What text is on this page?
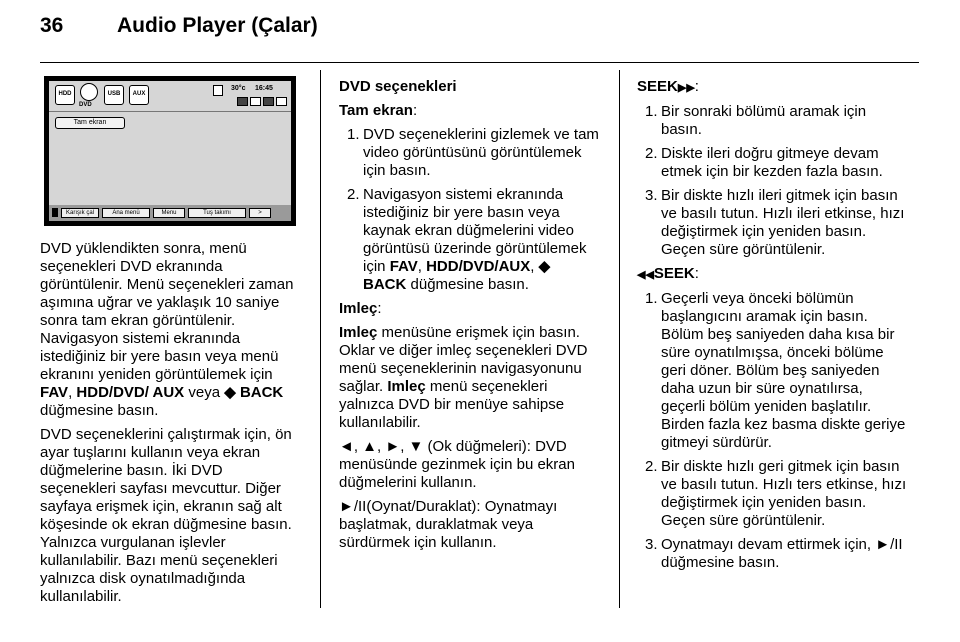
36	Audio Player (Çalar)
HDD
DVD
USB	AUX
30°c 16:45
Tam ekran
Karışık çal	Ana menü	Menu	Tuş takımı	>

DVD yüklendikten sonra, menü seçenekleri DVD ekranında görüntülenir. Menü seçenekleri zaman aşımına uğrar ve yaklaşık 10 saniye sonra tam ekran görüntülenir. Navigasyon sistemi ekranında istediğiniz bir yere basın veya menü ekranını yeniden görüntülemek için FAV, HDD/DVD/ AUX veya ◆ BACK düğmesine basın.

DVD seçeneklerini çalıştırmak için, ön ayar tuşlarını kullanın veya ekran düğmelerine basın. İki DVD seçenekleri sayfası mevcuttur. Diğer sayfaya erişmek için, ekranın sağ alt köşesinde ok ekran düğmesine basın. Yalnızca vurgulanan işlevler kullanılabilir. Bazı menü seçenekleri yalnızca disk oynatılmadığında kullanılabilir.

DVD seçenekleri

Tam ekran:

1. DVD seçeneklerini gizlemek ve tam video görüntüsünü görüntülemek için basın.
2. Navigasyon sistemi ekranında istediğiniz bir yere basın veya kaynak ekran düğmelerini video görüntüsü üzerinde görüntülemek için FAV, HDD/DVD/AUX, ◆
BACK düğmesine basın.

Imleç:

Imleç menüsüne erişmek için basın. Oklar ve diğer imleç seçenekleri DVD menü seçeneklerinin navigasyonunu sağlar. Imleç menü seçenekleri yalnızca DVD bir menüye sahipse kullanılabilir.

◄, ▲, ►, ▼ (Ok düğmeleri): DVD menüsünde gezinmek için bu ekran düğmelerini kullanın.

►/II(Oynat/Duraklat): Oynatmayı başlatmak, duraklatmak veya sürdürmek için kullanın.

SEEK▶▶:

1. Bir sonraki bölümü aramak için basın.
2. Diskte ileri doğru gitmeye devam etmek için bir kezden fazla basın.
3. Bir diskte hızlı ileri gitmek için basın ve basılı tutun. Hızlı ileri etkinse, hızı değiştirmek için yeniden basın. Geçen süre görüntülenir.

◀◀SEEK:

1. Geçerli veya önceki bölümün başlangıcını aramak için basın. Bölüm beş saniyeden daha kısa bir süre oynatılmışsa, önceki bölüme geri döner. Bölüm beş saniyeden daha uzun bir süre oynatılırsa, geçerli bölüm yeniden başlatılır. Birden fazla kez basma diskte geriye gitmeyi sürdürür.
2. Bir diskte hızlı geri gitmek için basın ve basılı tutun. Hızlı ters etkinse, hızı değiştirmek için yeniden basın. Geçen süre görüntülenir.
3. Oynatmayı devam ettirmek için, ►/II düğmesine basın.
